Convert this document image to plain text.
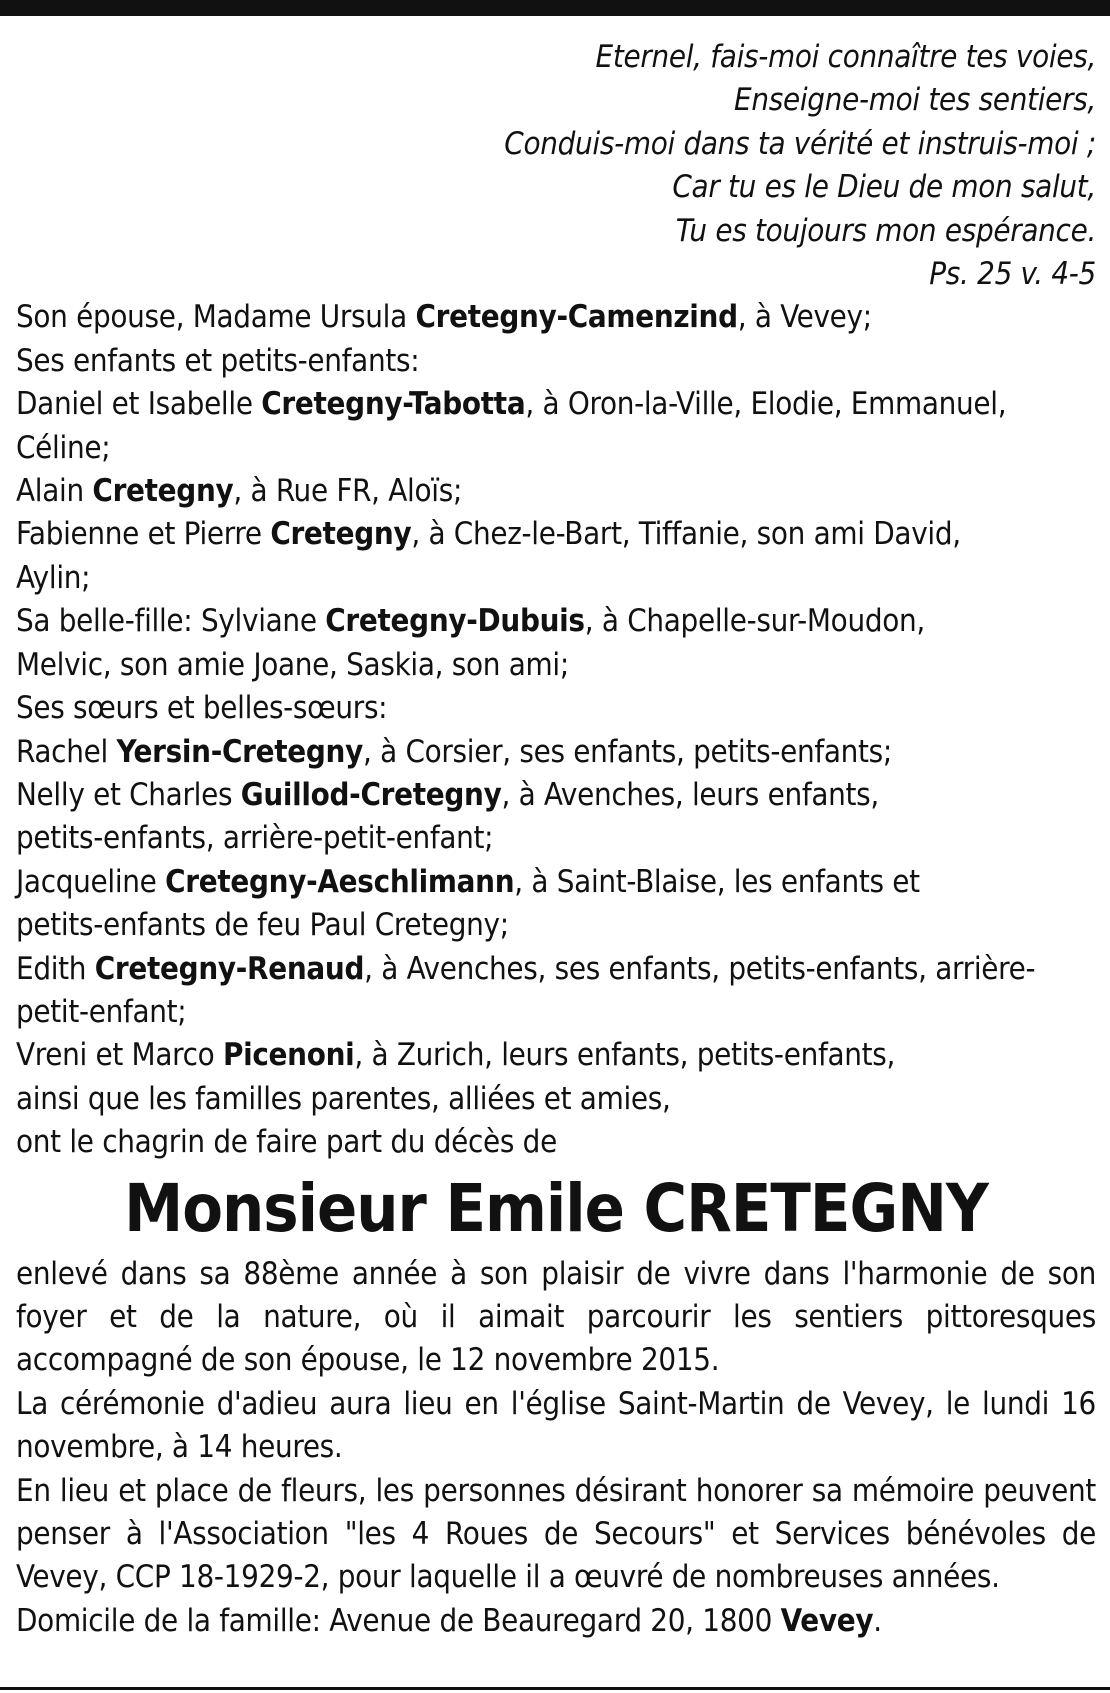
Eternel, fais-moi connaître tes voies,
Enseigne-moi tes sentiers,
Conduis-moi dans ta vérité et instruis-moi ;
Car tu es le Dieu de mon salut,
Tu es toujours mon espérance.
Ps. 25 v. 4-5
Son épouse, Madame Ursula Cretegny-Camenzind, à Vevey;
Ses enfants et petits-enfants:
Daniel et Isabelle Cretegny-Tabotta, à Oron-la-Ville, Elodie, Emmanuel,
Céline;
Alain Cretegny, à Rue FR, Aloïs;
Fabienne et Pierre Cretegny, à Chez-le-Bart, Tiffanie, son ami David,
Aylin;
Sa belle-fille: Sylviane Cretegny-Dubuis, à Chapelle-sur-Moudon,
Melvic, son amie Joane, Saskia, son ami;
Ses sœurs et belles-sœurs:
Rachel Yersin-Cretegny, à Corsier, ses enfants, petits-enfants;
Nelly et Charles Guillod-Cretegny, à Avenches, leurs enfants,
petits-enfants, arrière-petit-enfant;
Jacqueline Cretegny-Aeschlimann, à Saint-Blaise, les enfants et
petits-enfants de feu Paul Cretegny;
Edith Cretegny-Renaud, à Avenches, ses enfants, petits-enfants, arrière-
petit-enfant;
Vreni et Marco Picenoni, à Zurich, leurs enfants, petits-enfants,
ainsi que les familles parentes, alliées et amies,
ont le chagrin de faire part du décès de
Monsieur Emile CRETEGNY
enlevé dans sa 88ème année à son plaisir de vivre dans l'harmonie de son foyer et de la nature, où il aimait parcourir les sentiers pittoresques accompagné de son épouse, le 12 novembre 2015.
La cérémonie d'adieu aura lieu en l'église Saint-Martin de Vevey, le lundi 16 novembre, à 14 heures.
En lieu et place de fleurs, les personnes désirant honorer sa mémoire peuvent penser à l'Association "les 4 Roues de Secours" et Services bénévoles de Vevey, CCP 18-1929-2, pour laquelle il a œuvré de nombreuses années.
Domicile de la famille: Avenue de Beauregard 20, 1800 Vevey.
